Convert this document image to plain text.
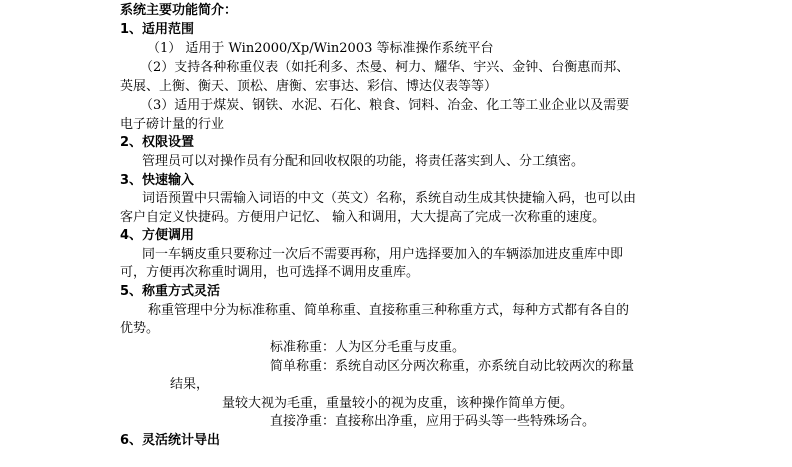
系统主要功能简介：
1、适用范围
（1） 适用于 Win2000/Xp/Win2003 等标准操作系统平台
（2）支持各种称重仪表（如托利多、杰曼、柯力、耀华、宇兴、金钟、台衡惠而邦、
英展、上衡、衡天、顶松、唐衡、宏事达、彩信、博达仪表等等）
（3）适用于煤炭、钢铁、水泥、石化、粮食、饲料、冶金、化工等工业企业以及需要
电子磅计量的行业
2、权限设置
管理员可以对操作员有分配和回收权限的功能，将责任落实到人、分工缜密。
3、快速输入
词语预置中只需输入词语的中文（英文）名称，系统自动生成其快捷输入码，也可以由
客户自定义快捷码。方便用户记忆、 输入和调用，大大提高了完成一次称重的速度。
4、方便调用
同一车辆皮重只要称过一次后不需要再称，用户选择要加入的车辆添加进皮重库中即
可，方便再次称重时调用，也可选择不调用皮重库。
5、称重方式灵活
称重管理中分为标准称重、简单称重、直接称重三种称重方式，每种方式都有各自的
优势。
标准称重：人为区分毛重与皮重。
简单称重：系统自动区分两次称重，亦系统自动比较两次的称量
结果，
量较大视为毛重，重量较小的视为皮重，该种操作简单方便。
直接净重：直接称出净重，应用于码头等一些特殊场合。
6、灵活统计导出
